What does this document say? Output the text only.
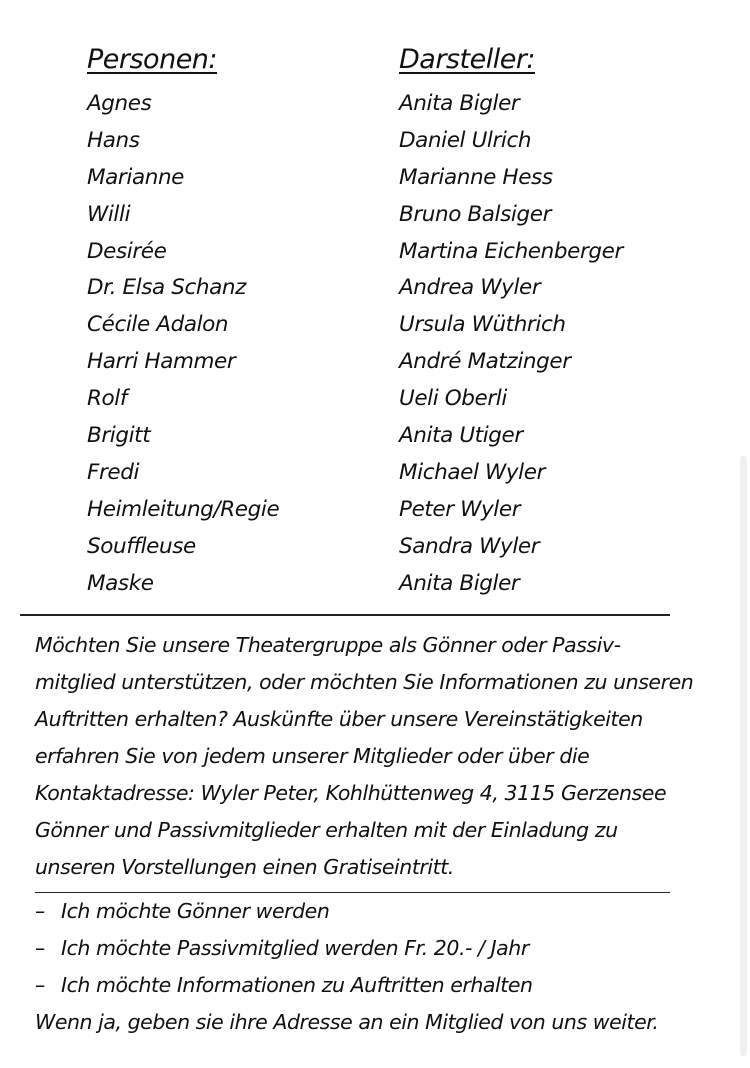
Personen:	Darsteller:
Agnes	Anita Bigler
Hans	Daniel Ulrich
Marianne	Marianne Hess
Willi	Bruno Balsiger
Desirée	Martina Eichenberger
Dr. Elsa Schanz	Andrea Wyler
Cécile Adalon	Ursula Wüthrich
Harri Hammer	André Matzinger
Rolf	Ueli Oberli
Brigitt	Anita Utiger
Fredi	Michael Wyler
Heimleitung/Regie	Peter Wyler
Souffleuse	Sandra Wyler
Maske	Anita Bigler
Möchten Sie unsere Theatergruppe als Gönner oder Passiv-
mitglied unterstützen, oder möchten Sie Informationen zu unseren
Auftritten erhalten? Auskünfte über unsere Vereinstätigkeiten
erfahren Sie von jedem unserer Mitglieder oder über die
Kontaktadresse: Wyler Peter, Kohlhüttenweg 4, 3115 Gerzensee
Gönner und Passivmitglieder erhalten mit der Einladung zu
unseren Vorstellungen einen Gratiseintritt.
– Ich möchte Gönner werden
– Ich möchte Passivmitglied werden Fr. 20.- / Jahr
– Ich möchte Informationen zu Auftritten erhalten
Wenn ja, geben sie ihre Adresse an ein Mitglied von uns weiter.
